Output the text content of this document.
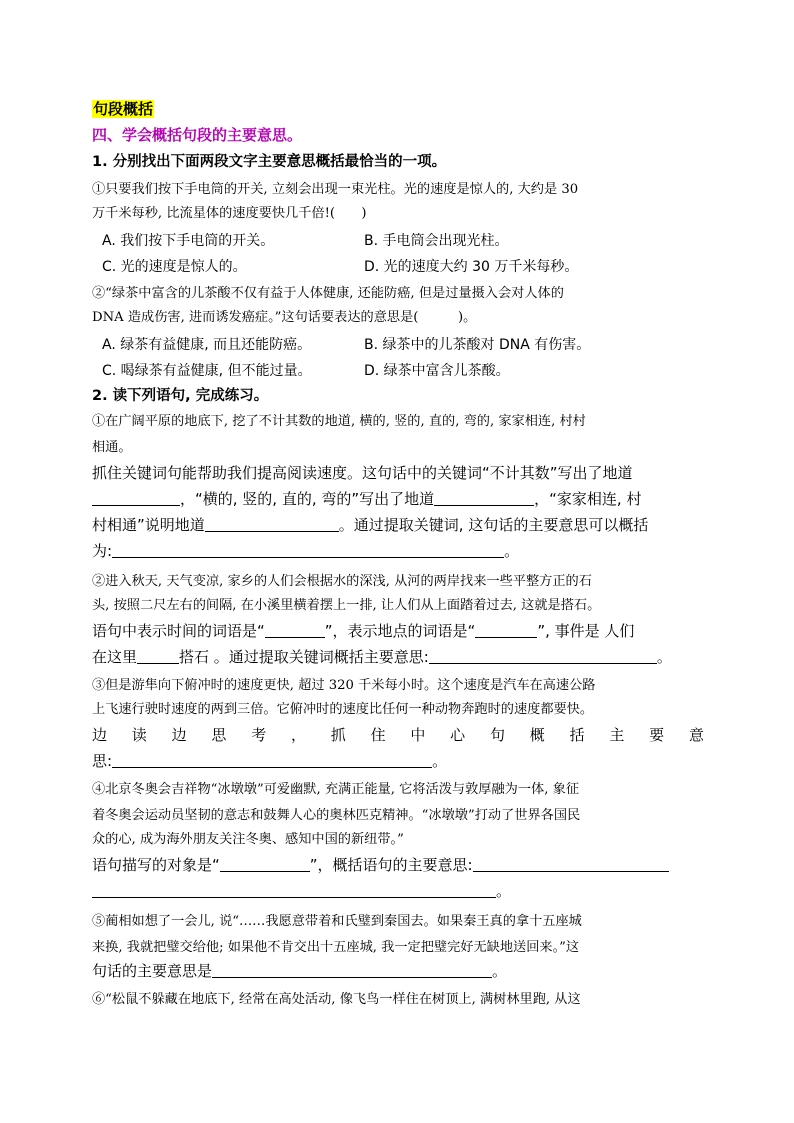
句段概括
四、学会概括句段的主要意思。
1. 分别找出下面两段文字主要意思概括最恰当的一项。
①只要我们按下手电筒的开关, 立刻会出现一束光柱。光的速度是惊人的, 大约是 30
万千米每秒, 比流星体的速度要快几千倍!(　　)
A. 我们按下手电筒的开关。	B. 手电筒会出现光柱。
C. 光的速度是惊人的。	D. 光的速度大约 30 万千米每秒。
②“绿茶中富含的儿茶酸不仅有益于人体健康, 还能防癌, 但是过量摄入会对人体的
DNA 造成伤害, 进而诱发癌症。”这句话要表达的意思是(　　　)。
A. 绿茶有益健康, 而且还能防癌。	B. 绿茶中的儿茶酸对 DNA 有伤害。
C. 喝绿茶有益健康, 但不能过量。	D. 绿茶中富含儿茶酸。
2. 读下列语句, 完成练习。
①在广阔平原的地底下, 挖了不计其数的地道, 横的, 竖的, 直的, 弯的, 家家相连, 村村
相通。
抓住关键词句能帮助我们提高阅读速度。这句话中的关键词“不计其数”写出了地道
，“横的, 竖的, 直的, 弯的”写出了地道	，“家家相连, 村
村相通”说明地道	。通过提取关键词, 这句话的主要意思可以概括
为:	。
②进入秋天, 天气变凉, 家乡的人们会根据水的深浅, 从河的两岸找来一些平整方正的石
头, 按照二尺左右的间隔, 在小溪里横着摆上一排, 让人们从上面踏着过去, 这就是搭石。
语句中表示时间的词语是“	”，表示地点的词语是“	”, 事件是 人们
在这里	搭石 。通过提取关键词概括主要意思:	。
③但是游隼向下俯冲时的速度更快, 超过 320 千米每小时。这个速度是汽车在高速公路
上飞速行驶时速度的两到三倍。它俯冲时的速度比任何一种动物奔跑时的速度都要快。
边 读 边 思 考 ， 抓 住 中 心 句 概 括 主 要 意
思:	。
④北京冬奥会吉祥物“冰墩墩”可爱幽默, 充满正能量, 它将活泼与敦厚融为一体, 象征
着冬奥会运动员坚韧的意志和鼓舞人心的奥林匹克精神。“冰墩墩”打动了世界各国民
众的心, 成为海外朋友关注冬奥、感知中国的新纽带。”
语句描写的对象是“	”，概括语句的主要意思:
。
⑤蔺相如想了一会儿, 说“……我愿意带着和氏璧到秦国去。如果秦王真的拿十五座城
来换, 我就把璧交给他; 如果他不肯交出十五座城, 我一定把璧完好无缺地送回来。”这
句话的主要意思是	。
⑥“松鼠不躲藏在地底下, 经常在高处活动, 像飞鸟一样住在树顶上, 满树林里跑, 从这
